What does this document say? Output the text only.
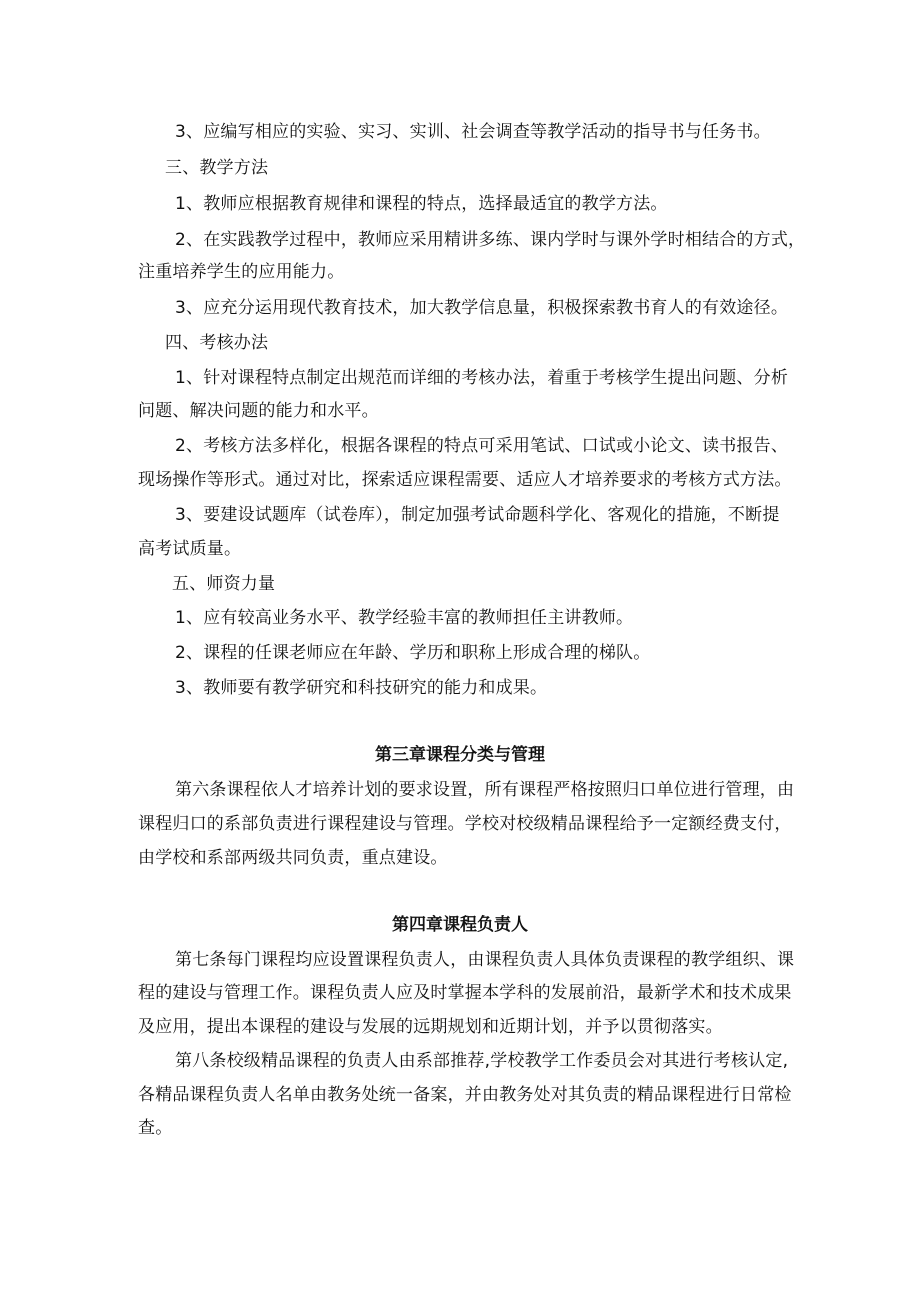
3、应编写相应的实验、实习、实训、社会调查等教学活动的指导书与任务书。
三、教学方法
1、教师应根据教育规律和课程的特点，选择最适宜的教学方法。
2、在实践教学过程中，教师应采用精讲多练、课内学时与课外学时相结合的方式，
注重培养学生的应用能力。
3、应充分运用现代教育技术，加大教学信息量，积极探索教书育人的有效途径。
四、考核办法
1、针对课程特点制定出规范而详细的考核办法，着重于考核学生提出问题、分析
问题、解决问题的能力和水平。
2、考核方法多样化，根据各课程的特点可采用笔试、口试或小论文、读书报告、
现场操作等形式。通过对比，探索适应课程需要、适应人才培养要求的考核方式方法。
3、要建设试题库（试卷库），制定加强考试命题科学化、客观化的措施，不断提
高考试质量。
五、师资力量
1、应有较高业务水平、教学经验丰富的教师担任主讲教师。
2、课程的任课老师应在年龄、学历和职称上形成合理的梯队。
3、教师要有教学研究和科技研究的能力和成果。
第三章课程分类与管理
第六条课程依人才培养计划的要求设置，所有课程严格按照归口单位进行管理，由
课程归口的系部负责进行课程建设与管理。学校对校级精品课程给予一定额经费支付，
由学校和系部两级共同负责，重点建设。
第四章课程负责人
第七条每门课程均应设置课程负责人，由课程负责人具体负责课程的教学组织、课
程的建设与管理工作。课程负责人应及时掌握本学科的发展前沿，最新学术和技术成果
及应用，提出本课程的建设与发展的远期规划和近期计划，并予以贯彻落实。
第八条校级精品课程的负责人由系部推荐,学校教学工作委员会对其进行考核认定,
各精品课程负责人名单由教务处统一备案，并由教务处对其负责的精品课程进行日常检
查。
